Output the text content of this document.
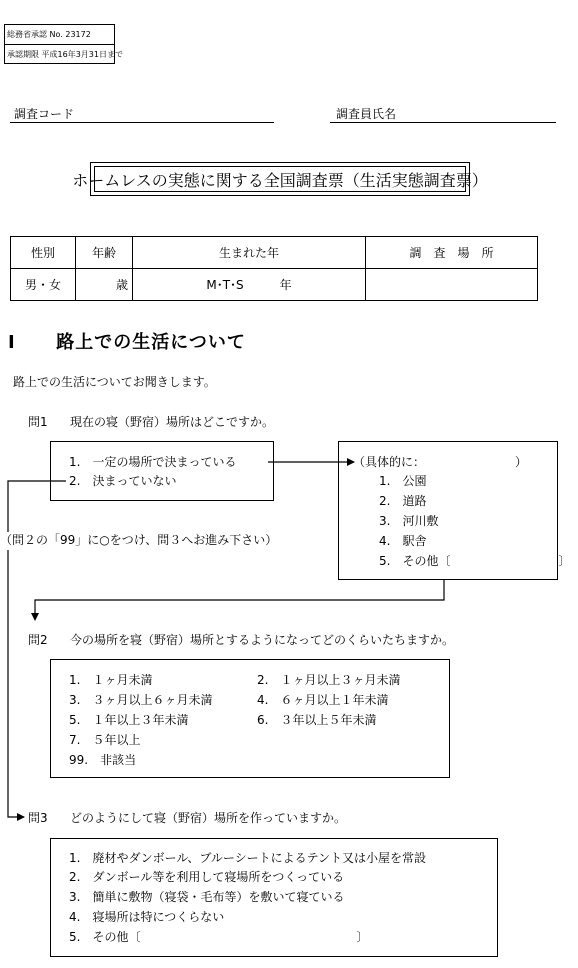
総務省承認 No. 23172
承認期限 平成16年3月31日まで
調査コード	調査員氏名
ホームレスの実態に関する全国調査票（生活実態調査票）
性別	年齢	生まれた年	調　査　場　所
男・女	歳	M･T･S　　　年	
I 路上での生活について
路上での生活についてお聞きします。
問1 現在の寝（野宿）場所はどこですか。
1.　一定の場所で決まっている
2.　決まっていない
（具体的に：　　　　　　　　）
1.　公園
2.　道路
3.　河川敷
4.　駅舎
5.　その他〔　　　　　　　　　〕
（問２の「99」に○をつけ、問３へお進み下さい）
問2 今の場所を寝（野宿）場所とするようになってどのくらいたちますか。
1.　１ヶ月未満	2.　１ヶ月以上３ヶ月未満
3.　３ヶ月以上６ヶ月未満	4.　６ヶ月以上１年未満
5.　１年以上３年未満	6.　３年以上５年未満
7.　５年以上
99.　非該当
問3 どのようにして寝（野宿）場所を作っていますか。
1.　廃材やダンボール、ブルーシートによるテント又は小屋を常設
2.　ダンボール等を利用して寝場所をつくっている
3.　簡単に敷物（寝袋・毛布等）を敷いて寝ている
4.　寝場所は特につくらない
5.　その他〔　　　　　　　　　　　　　　　　　　〕
